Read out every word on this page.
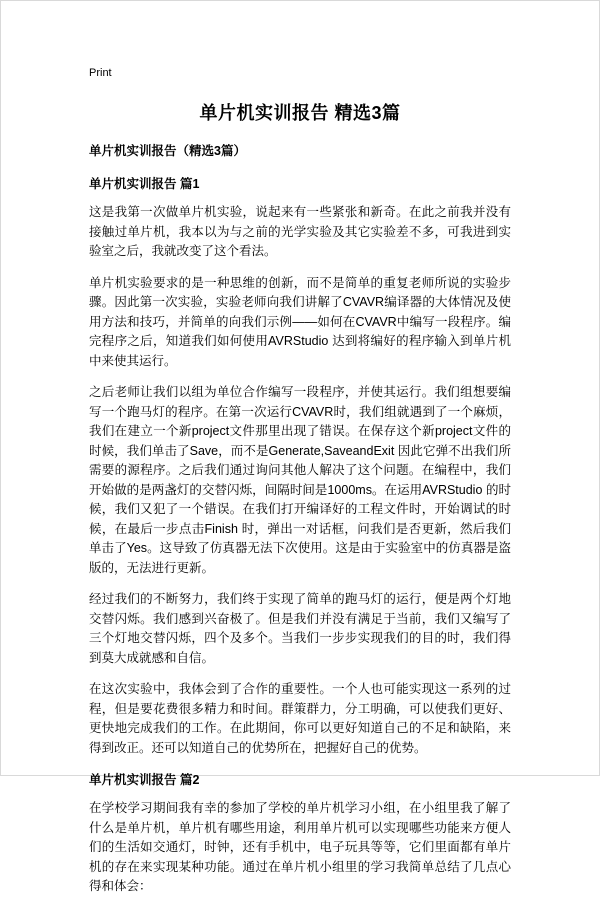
Print
单片机实训报告 精选3篇
单片机实训报告（精选3篇）
单片机实训报告 篇1

这是我第一次做单片机实验，说起来有一些紧张和新奇。在此之前我并没有接触过单片机，我本以为与之前的光学实验及其它实验差不多，可我进到实验室之后，我就改变了这个看法。

单片机实验要求的是一种思维的创新，而不是简单的重复老师所说的实验步骤。因此第一次实验，实验老师向我们讲解了CVAVR编译器的大体情况及使用方法和技巧，并简单的向我们示例——如何在CVAVR中编写一段程序。编完程序之后，知道我们如何使用AVRStudio 达到将编好的程序输入到单片机中来使其运行。

之后老师让我们以组为单位合作编写一段程序，并使其运行。我们组想要编写一个跑马灯的程序。在第一次运行CVAVR时，我们组就遇到了一个麻烦，我们在建立一个新project文件那里出现了错误。在保存这个新project文件的时候，我们单击了Save，而不是Generate,SaveandExit 因此它弹不出我们所需要的源程序。之后我们通过询问其他人解决了这个问题。在编程中，我们开始做的是两盏灯的交替闪烁，间隔时间是1000ms。在运用AVRStudio 的时候，我们又犯了一个错误。在我们打开编译好的工程文件时，开始调试的时候，在最后一步点击Finish 时，弹出一对话框，问我们是否更新，然后我们单击了Yes。这导致了仿真器无法下次使用。这是由于实验室中的仿真器是盗版的，无法进行更新。

经过我们的不断努力，我们终于实现了简单的跑马灯的运行，便是两个灯地交替闪烁。我们感到兴奋极了。但是我们并没有满足于当前，我们又编写了三个灯地交替闪烁，四个及多个。当我们一步步实现我们的目的时，我们得到莫大成就感和自信。

在这次实验中，我体会到了合作的重要性。一个人也可能实现这一系列的过程，但是要花费很多精力和时间。群策群力，分工明确，可以使我们更好、更快地完成我们的工作。在此期间，你可以更好知道自己的不足和缺陷，来得到改正。还可以知道自己的优势所在，把握好自己的优势。

单片机实训报告 篇2

在学校学习期间我有幸的参加了学校的单片机学习小组，在小组里我了解了什么是单片机，单片机有哪些用途，利用单片机可以实现哪些功能来方便人们的生活如交通灯，时钟，还有手机中，电子玩具等等，它们里面都有单片机的存在来实现某种功能。通过在单片机小组里的学习我简单总结了几点心得和体会：
